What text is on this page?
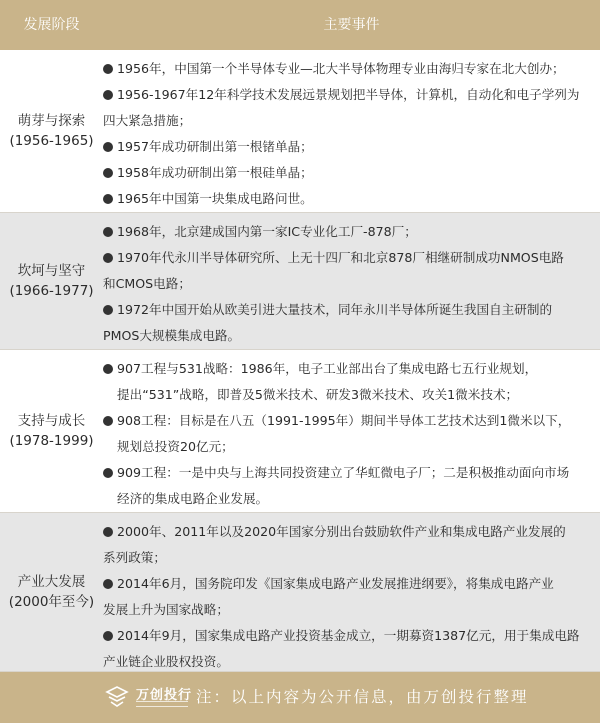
发展阶段	主要事件
萌芽与探索
(1956-1965)
1956年，中国第一个半导体专业—北大半导体物理专业由海归专家在北大创办；
1956-1967年12年科学技术发展远景规划把半导体，计算机，自动化和电子学列为
四大紧急措施；
1957年成功研制出第一根锗单晶；
1958年成功研制出第一根硅单晶；
1965年中国第一块集成电路问世。
坎坷与坚守
(1966-1977)
1968年，北京建成国内第一家IC专业化工厂-878厂；
1970年代永川半导体研究所、上无十四厂和北京878厂相继研制成功NMOS电路
和CMOS电路；
1972年中国开始从欧美引进大量技术，同年永川半导体所诞生我国自主研制的
PMOS大规模集成电路。
支持与成长
(1978-1999)
907工程与531战略：1986年，电子工业部出台了集成电路七五行业规划，
提出“531”战略，即普及5微米技术、研发3微米技术、攻关1微米技术；
908工程：目标是在八五（1991-1995年）期间半导体工艺技术达到1微米以下，
规划总投资20亿元；
909工程：一是中央与上海共同投资建立了华虹微电子厂；二是积极推动面向市场
经济的集成电路企业发展。
产业大发展
(2000年至今)
2000年、2011年以及2020年国家分别出台鼓励软件产业和集成电路产业发展的
系列政策；
2014年6月，国务院印发《国家集成电路产业发展推进纲要》，将集成电路产业
发展上升为国家战略；
2014年9月，国家集成电路产业投资基金成立，一期募资1387亿元，用于集成电路
产业链企业股权投资。
万创投行 注：以上内容为公开信息，由万创投行整理
